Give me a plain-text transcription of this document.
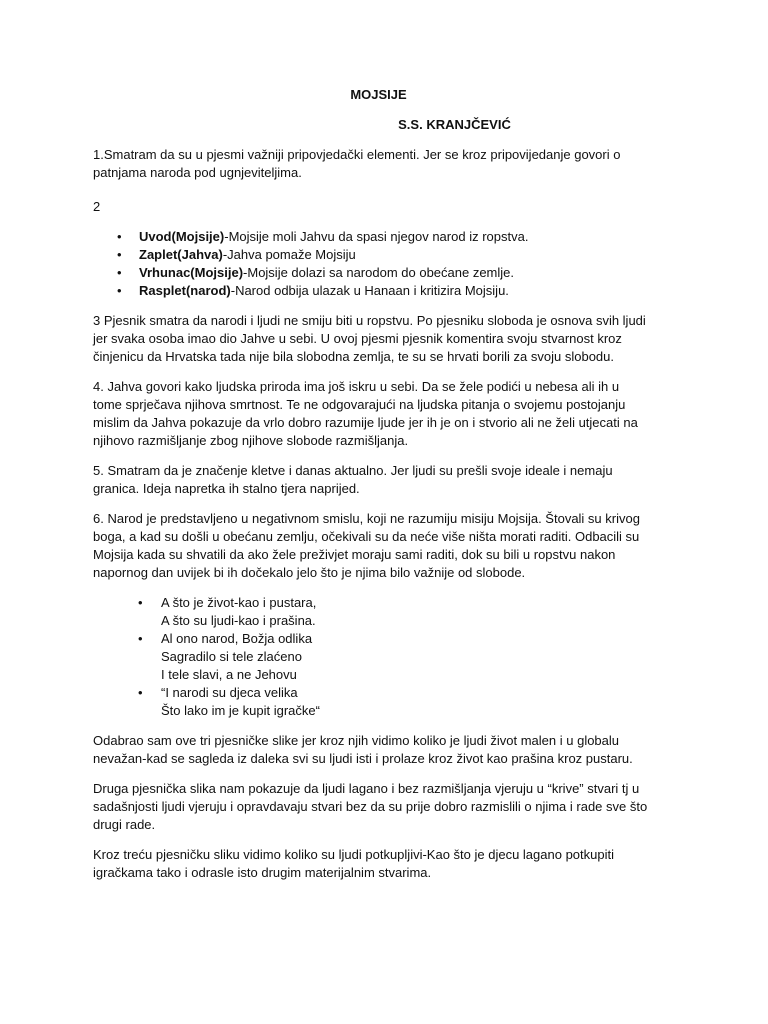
MOJSIJE

S.S. KRANJČEVIĆ

1.Smatram da su u pjesmi važniji pripovjedački elementi. Jer se kroz pripovijedanje govori o patnjama naroda pod ugnjeviteljima.

2

• Uvod(Mojsije)-Mojsije moli Jahvu da spasi njegov narod iz ropstva.
• Zaplet(Jahva)-Jahva pomaže Mojsiju
• Vrhunac(Mojsije)-Mojsije dolazi sa narodom do obećane zemlje.
• Rasplet(narod)-Narod odbija ulazak u Hanaan i kritizira Mojsiju.

3 Pjesnik smatra da narodi i ljudi ne smiju biti u ropstvu. Po pjesniku sloboda je osnova svih ljudi jer svaka osoba imao dio Jahve u sebi. U ovoj pjesmi pjesnik komentira svoju stvarnost kroz činjenicu da Hrvatska tada nije bila slobodna zemlja, te su se hrvati borili za svoju slobodu.

4. Jahva govori kako ljudska priroda ima još iskru u sebi. Da se žele podići u nebesa ali ih u tome sprječava njihova smrtnost. Te ne odgovarajući na ljudska pitanja o svojemu postojanju mislim da Jahva pokazuje da vrlo dobro razumije ljude jer ih je on i stvorio ali ne želi utjecati na njihovo razmišljanje zbog njihove slobode razmišljanja.

5. Smatram da je značenje kletve i danas aktualno. Jer ljudi su prešli svoje ideale i nemaju granica. Ideja napretka ih stalno tjera naprijed.

6. Narod je predstavljeno u negativnom smislu, koji ne razumiju misiju Mojsija. Štovali su krivog boga, a kad su došli u obećanu zemlju, očekivali su da neće više ništa morati raditi. Odbacili su Mojsija kada su shvatili da ako žele preživjet moraju sami raditi, dok su bili u ropstvu nakon napornog dan uvijek bi ih dočekalo jelo što je njima bilo važnije od slobode.

• A što je život-kao i pustara,
A što su ljudi-kao i prašina.
• Al ono narod, Božja odlika
Sagradilo si tele zlaćeno
I tele slavi, a ne Jehovu
• “I narodi su djeca velika
Što lako im je kupit igračke“

Odabrao sam ove tri pjesničke slike jer kroz njih vidimo koliko je ljudi život malen i u globalu nevažan-kad se sagleda iz daleka svi su ljudi isti i prolaze kroz život kao prašina kroz pustaru.

Druga pjesnička slika nam pokazuje da ljudi lagano i bez razmišljanja vjeruju u “krive” stvari tj u sadašnjosti ljudi vjeruju i opravdavaju stvari bez da su prije dobro razmislili o njima i rade sve što drugi rade.

Kroz treću pjesničku sliku vidimo koliko su ljudi potkupljivi-Kao što je djecu lagano potkupiti igračkama tako i odrasle isto drugim materijalnim stvarima.
